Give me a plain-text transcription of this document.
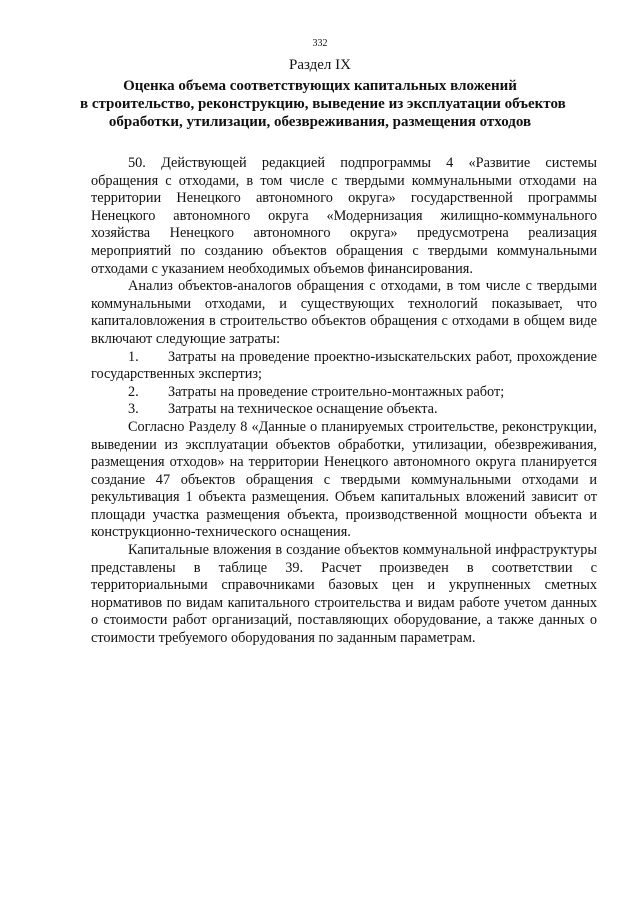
332
Раздел IX
Оценка объема соответствующих капитальных вложений
в строительство, реконструкцию, выведение из эксплуатации объектов
обработки, утилизации, обезвреживания, размещения отходов

50. Действующей редакцией подпрограммы 4 «Развитие системы обращения с отходами, в том числе с твердыми коммунальными отходами на территории Ненецкого автономного округа» государственной программы Ненецкого автономного округа «Модернизация жилищно-коммунального хозяйства Ненецкого автономного округа» предусмотрена реализация мероприятий по созданию объектов обращения с твердыми коммунальными отходами с указанием необходимых объемов финансирования.

Анализ объектов-аналогов обращения с отходами, в том числе с твердыми коммунальными отходами, и существующих технологий показывает, что капиталовложения в строительство объектов обращения с отходами в общем виде включают следующие затраты:

1. Затраты на проведение проектно-изыскательских работ, прохождение государственных экспертиз;

2. Затраты на проведение строительно-монтажных работ;

3. Затраты на техническое оснащение объекта.

Согласно Разделу 8 «Данные о планируемых строительстве, реконструкции, выведении из эксплуатации объектов обработки, утилизации, обезвреживания, размещения отходов» на территории Ненецкого автономного округа планируется создание 47 объектов обращения с твердыми коммунальными отходами и рекультивация 1 объекта размещения. Объем капитальных вложений зависит от площади участка размещения объекта, производственной мощности объекта и конструкционно-технического оснащения.

Капитальные вложения в создание объектов коммунальной инфраструктуры представлены в таблице 39. Расчет произведен в соответствии с территориальными справочниками базовых цен и укрупненных сметных нормативов по видам капитального строительства и видам работе учетом данных о стоимости работ организаций, поставляющих оборудование, а также данных о стоимости требуемого оборудования по заданным параметрам.
